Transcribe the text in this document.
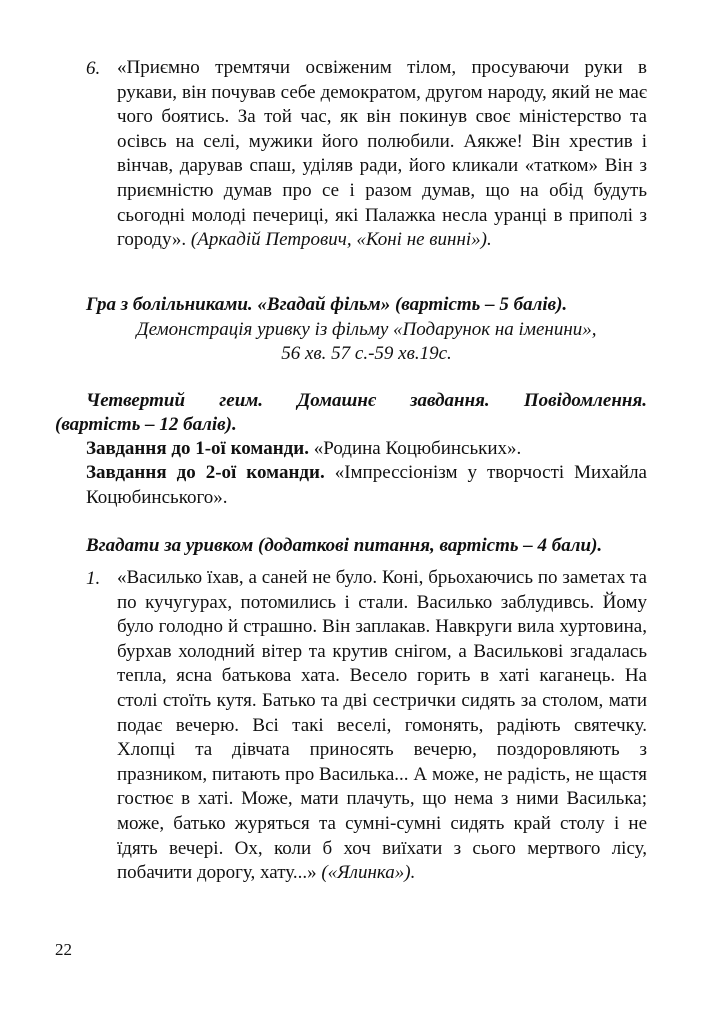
6. «Приємно тремтячи освіженим тілом, просуваючи руки в рукави, він почував себе демократом, другом народу, який не має чого боятись. За той час, як він покинув своє міністерство та осівсь на селі, мужики його полюбили. Аякже! Він хрестив і вінчав, дарував спаш, уділяв ради, його кликали «татком» Він з приємністю думав про се і разом думав, що на обід будуть сьогодні молоді печериці, які Палажка несла уранці в приполі з городу». (Аркадій Петрович, «Коні не винні»).
Гра з болільниками. «Вгадай фільм» (вартість – 5 балів).
Демонстрація уривку із фільму «Подарунок на іменини»,
56 хв. 57 с.-59 хв.19с.
Четвертий геим. Домашнє завдання. Повідомлення.
(вартість – 12 балів).
Завдання до 1-ої команди. «Родина Коцюбинських».
Завдання до 2-ої команди. «Імпрессіонізм у творчості Михайла Коцюбинського».
Вгадати за уривком (додаткові питання, вартість – 4 бали).
1. «Василько їхав, а саней не було. Коні, брьохаючись по заметах та по кучугурах, потомились і стали. Василько заблудивсь. Йому було голодно й страшно. Він заплакав. Навкруги вила хуртовина, бурхав холодний вітер та крутив снігом, а Василькові згадалась тепла, ясна батькова хата. Весело горить в хаті каганець. На столі стоїть кутя. Батько та дві сестрички сидять за столом, мати подає вечерю. Всі такі веселі, гомонять, радіють святечку. Хлопці та дівчата приносять вечерю, поздоровляють з празником, питають про Василька... А може, не радість, не щастя гостює в хаті. Може, мати плачуть, що нема з ними Василька; може, батько журяться та сумні-сумні сидять край столу і не їдять вечері. Ох, коли б хоч виїхати з сього мертвого лісу, побачити дорогу, хату...» («Ялинка»).
22
